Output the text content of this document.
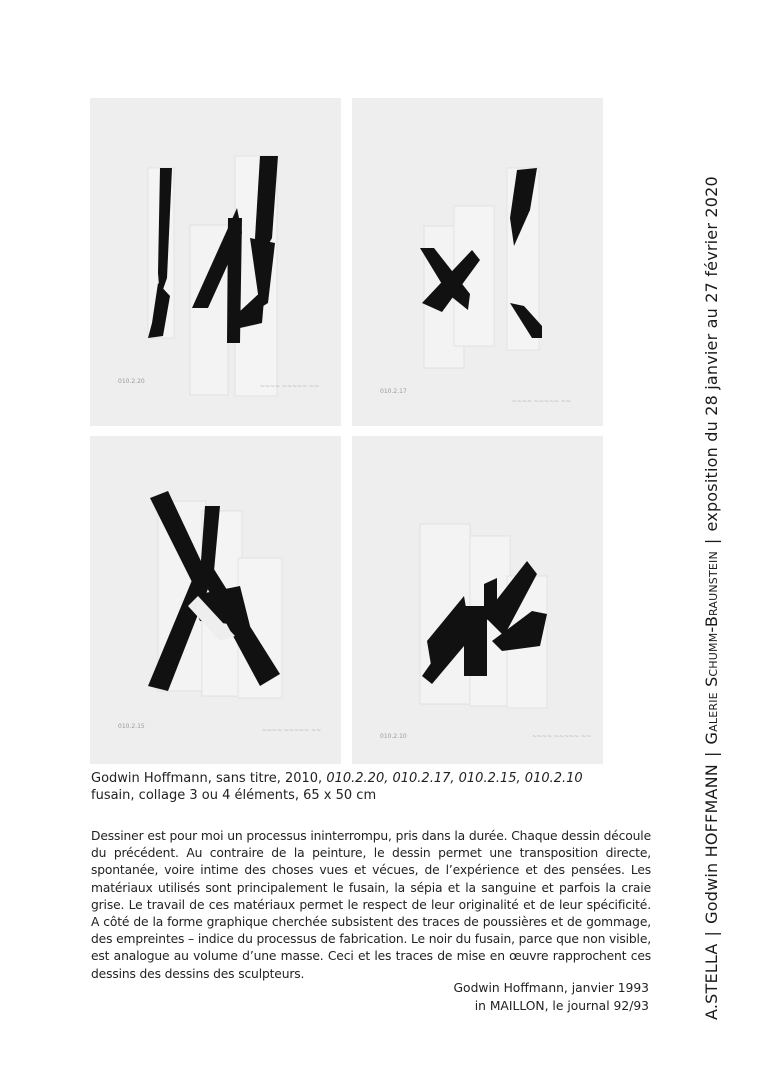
010.2.20
~~~~ ~~~~~ ~~
010.2.17
~~~~ ~~~~~ ~~
010.2.15
~~~~ ~~~~~ ~~
010.2.10	~~~~ ~~~~~ ~~
Godwin Hoffmann, sans titre, 2010, 010.2.20, 010.2.17, 010.2.15, 010.2.10
fusain, collage 3 ou 4 éléments, 65 x 50 cm

Dessiner est pour moi un processus ininterrompu, pris dans la durée. Chaque dessin découle du précédent. Au contraire de la peinture, le dessin permet une transposition directe, spontanée, voire intime des choses vues et vécues, de l’expérience et des pensées. Les matériaux utilisés sont principalement le fusain, la sépia et la sanguine et parfois la craie grise. Le travail de ces matériaux permet le respect de leur originalité et de leur spécificité. A côté de la forme graphique cherchée subsistent des traces de poussières et de gommage, des empreintes – indice du processus de fabrication. Le noir du fusain, parce que non visible, est analogue au volume d’une masse. Ceci et les traces de mise en œuvre rapprochent ces dessins des dessins des sculpteurs.

Godwin Hoffmann, janvier 1993
in MAILLON, le journal 92/93	A.STELLA|Godwin HOFFMANN|Galerie Schumm-Braunstein|exposition du 28 janvier au 27 février 2020
